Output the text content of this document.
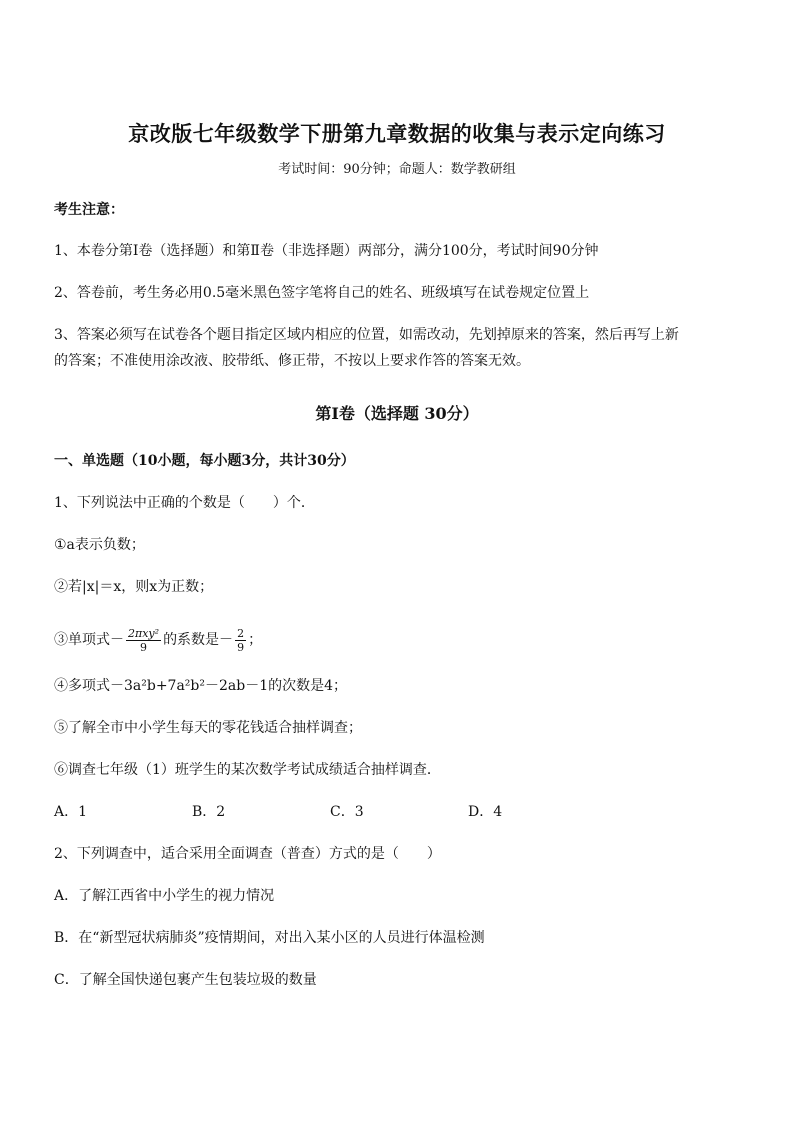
京改版七年级数学下册第九章数据的收集与表示定向练习
考试时间：90分钟；命题人：数学教研组
考生注意：
1、本卷分第Ⅰ卷（选择题）和第Ⅱ卷（非选择题）两部分，满分100分，考试时间90分钟
2、答卷前，考生务必用0.5毫米黑色签字笔将自己的姓名、班级填写在试卷规定位置上
3、答案必须写在试卷各个题目指定区域内相应的位置，如需改动，先划掉原来的答案，然后再写上新
的答案；不准使用涂改液、胶带纸、修正带，不按以上要求作答的答案无效。
第Ⅰ卷（选择题 30分）
一、单选题（10小题，每小题3分，共计30分）
1、下列说法中正确的个数是（　　）个．
①a表示负数；
②若|x|＝x，则x为正数；
③单项式－ $\frac{\text{2πxy²}}{9}$ 的系数是－ $\frac{2}{9}$ ；
④多项式－3a²b+7a²b²－2ab－1的次数是4；
⑤了解全市中小学生每天的零花钱适合抽样调查；
⑥调查七年级（1）班学生的某次数学考试成绩适合抽样调查．
A．1	B．2	C．3	D．4
2、下列调查中，适合采用全面调查（普查）方式的是（　　）
A．了解江西省中小学生的视力情况
B．在“新型冠状病肺炎”疫情期间，对出入某小区的人员进行体温检测
C．了解全国快递包裹产生包装垃圾的数量
